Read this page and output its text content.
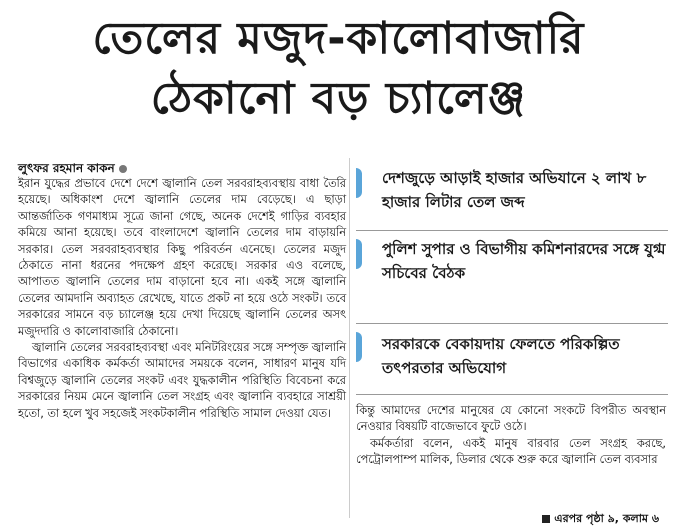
তেলের মজুদ-কালোবাজারি
ঠেকানো বড় চ্যালেঞ্জ
লুৎফর রহমান কাকন

ইরান যুদ্ধের প্রভাবে দেশে দেশে জ্বালানি তেল সরবরাহব্যবস্থায় বাধা তৈরি হয়েছে। অধিকাংশ দেশে জ্বালানি তেলের দাম বেড়েছে। এ ছাড়া আন্তর্জাতিক গণমাধ্যম সূত্রে জানা গেছে, অনেক দেশেই গাড়ির ব্যবহার কমিয়ে আনা হয়েছে। তবে বাংলাদেশে জ্বালানি তেলের দাম বাড়ায়নি সরকার। তেল সরবরাহব্যবস্থার কিছু পরিবর্তন এনেছে। তেলের মজুদ ঠেকাতে নানা ধরনের পদক্ষেপ গ্রহণ করেছে। সরকার এও বলেছে, আপাতত জ্বালানি তেলের দাম বাড়ানো হবে না। একই সঙ্গে জ্বালানি তেলের আমদানি অব্যাহত রেখেছে, যাতে প্রকট না হয়ে ওঠে সংকট। তবে সরকারের সামনে বড় চ্যালেঞ্জ হয়ে দেখা দিয়েছে জ্বালানি তেলের অসৎ মজুদদারি ও কালোবাজারি ঠেকানো।

জ্বালানি তেলের সরবরাহব্যবস্থা এবং মনিটরিংয়ের সঙ্গে সম্পৃক্ত জ্বালানি বিভাগের একাধিক কর্মকর্তা আমাদের সময়কে বলেন, সাধারণ মানুষ যদি বিশ্বজুড়ে জ্বালানি তেলের সংকট এবং যুদ্ধকালীন পরিস্থিতি বিবেচনা করে সরকারের নিয়ম মেনে জ্বালানি তেল সংগ্রহ এবং জ্বালানি ব্যবহারে সাশ্রয়ী হতো, তা হলে খুব সহজেই সংকটকালীন পরিস্থিতি সামাল দেওয়া যেত।

দেশজুড়ে আড়াই হাজার অভিযানে ২ লাখ ৮ হাজার লিটার তেল জব্দ
পুলিশ সুপার ও বিভাগীয় কমিশনারদের সঙ্গে যুগ্ম সচিবের বৈঠক
সরকারকে বেকায়দায় ফেলতে পরিকল্পিত তৎপরতার অভিযোগ

কিন্তু আমাদের দেশের মানুষের যে কোনো সংকটে বিপরীত অবস্থান নেওয়ার বিষয়টি বাজেভাবে ফুটে ওঠে।

কর্মকর্তারা বলেন, একই মানুষ বারবার তেল সংগ্রহ করছে, পেট্রোলপাম্প মালিক, ডিলার থেকে শুরু করে জ্বালানি তেল ব্যবসার

এরপর পৃষ্ঠা ৯, কলাম ৬
